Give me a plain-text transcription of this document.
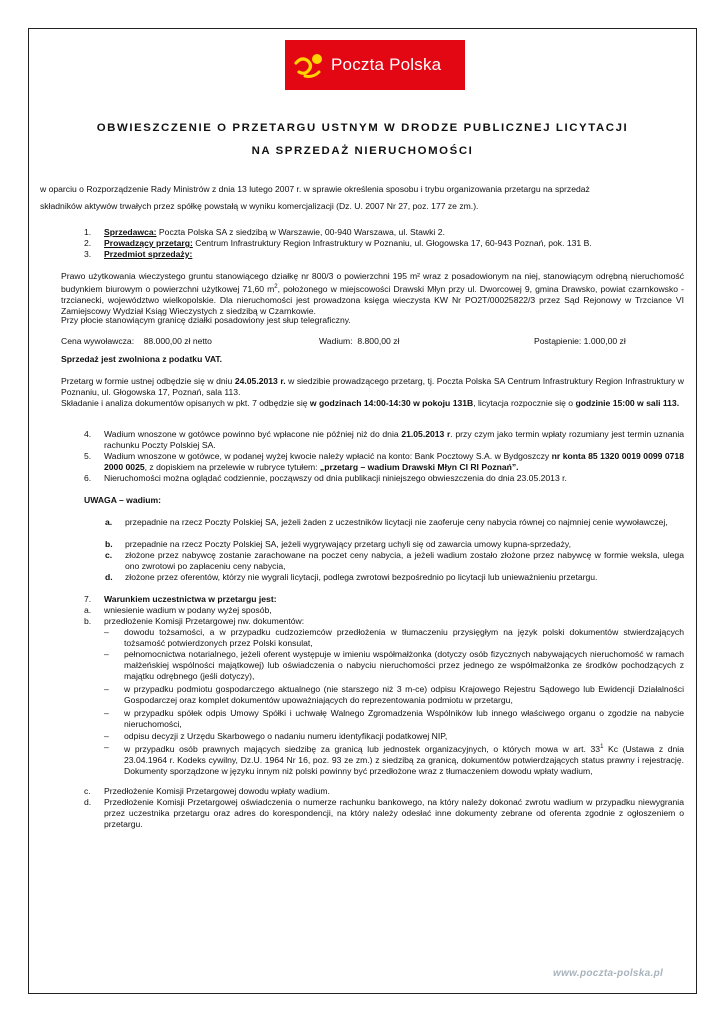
Poczta Polska
OBWIESZCZENIE O PRZETARGU USTNYM W DRODZE PUBLICZNEJ LICYTACJI
NA SPRZEDAŻ NIERUCHOMOŚCI
w oparciu o Rozporządzenie Rady Ministrów z dnia 13 lutego 2007 r. w sprawie określenia sposobu i trybu organizowania przetargu na sprzedaż
składników aktywów trwałych przez spółkę powstałą w wyniku komercjalizacji (Dz. U. 2007 Nr 27, poz. 177 ze zm.).
1.	Sprzedawca: Poczta Polska SA z siedzibą w Warszawie, 00-940 Warszawa, ul. Stawki 2.
2.	Prowadzący przetarg: Centrum Infrastruktury Region Infrastruktury w Poznaniu, ul. Głogowska 17, 60-943 Poznań, pok. 131 B.
3.	Przedmiot sprzedaży:
Prawo użytkowania wieczystego gruntu stanowiącego działkę nr 800/3 o powierzchni 195 m² wraz z posadowionym na niej, stanowiącym odrębną nieruchomość budynkiem biurowym o powierzchni użytkowej 71,60 $m^2$, położonego w miejscowości Drawski Młyn przy ul. Dworcowej 9, gmina Drawsko, powiat czarnkowsko - trzcianecki, województwo wielkopolskie. Dla nieruchomości jest prowadzona księga wieczysta KW Nr PO2T/00025822/3 przez Sąd Rejonowy w Trzciance VI Zamiejscowy Wydział Ksiąg Wieczystych z siedzibą w Czarnkowie.
Przy płocie stanowiącym granicę działki posadowiony jest słup telegraficzny.
Cena wywoławcza:    88.000,00 zł netto	Wadium:  8.800,00 zł	Postąpienie: 1.000,00 zł
Sprzedaż jest zwolniona z podatku VAT.
Przetarg w formie ustnej odbędzie się w dniu 24.05.2013 r. w siedzibie prowadzącego przetarg, tj. Poczta Polska SA Centrum Infrastruktury Region Infrastruktury w Poznaniu, ul. Głogowska 17, Poznań, sala 113.
Składanie i analiza dokumentów opisanych w pkt. 7 odbędzie się w godzinach 14:00-14:30 w pokoju 131B, licytacja rozpocznie się o godzinie 15:00 w sali 113.
4.	Wadium wnoszone w gotówce powinno być wpłacone nie później niż do dnia 21.05.2013 r. przy czym jako termin wpłaty rozumiany jest termin uznania rachunku Poczty Polskiej SA.
5.	Wadium wnoszone w gotówce, w podanej wyżej kwocie należy wpłacić na konto: Bank Pocztowy S.A. w Bydgoszczy nr konta 85 1320 0019 0099 0718 2000 0025, z dopiskiem na przelewie w rubryce tytułem: „przetarg – wadium Drawski Młyn CI RI Poznań”.
6.	Nieruchomości można oglądać codziennie, począwszy od dnia publikacji niniejszego obwieszczenia do dnia 23.05.2013 r.
UWAGA – wadium:
a.	przepadnie na rzecz Poczty Polskiej SA, jeżeli żaden z uczestników licytacji nie zaoferuje ceny nabycia równej co najmniej cenie wywoławczej,
b.	przepadnie na rzecz Poczty Polskiej SA, jeżeli wygrywający przetarg uchyli się od zawarcia umowy kupna-sprzedaży,
c.	złożone przez nabywcę zostanie zarachowane na poczet ceny nabycia, a jeżeli wadium zostało złożone przez nabywcę w formie weksla, ulega ono zwrotowi po zapłaceniu ceny nabycia,
d.	złożone przez oferentów, którzy nie wygrali licytacji, podlega zwrotowi bezpośrednio po licytacji lub unieważnieniu przetargu.
7.	Warunkiem uczestnictwa w przetargu jest:
a.	wniesienie wadium w podany wyżej sposób,
b.	przedłożenie Komisji Przetargowej nw. dokumentów:
–	dowodu tożsamości, a w przypadku cudzoziemców przedłożenia w tłumaczeniu przysięgłym na język polski dokumentów stwierdzających tożsamość potwierdzonych przez Polski konsulat,
–	pełnomocnictwa notarialnego, jeżeli oferent występuje w imieniu współmałżonka (dotyczy osób fizycznych nabywających nieruchomość w ramach małżeńskiej wspólności majątkowej) lub oświadczenia o nabyciu nieruchomości przez jednego ze współmałżonka ze środków pochodzących z majątku odrębnego (jeśli dotyczy),
–	w przypadku podmiotu gospodarczego aktualnego (nie starszego niż 3 m-ce) odpisu Krajowego Rejestru Sądowego lub Ewidencji Działalności Gospodarczej oraz komplet dokumentów upoważniających do reprezentowania podmiotu w przetargu,
–	w przypadku spółek odpis Umowy Spółki i uchwałę Walnego Zgromadzenia Wspólników lub innego właściwego organu o zgodzie na nabycie nieruchomości,
–	odpisu decyzji z Urzędu Skarbowego o nadaniu numeru identyfikacji podatkowej NIP,
–	w przypadku osób prawnych mających siedzibę za granicą lub jednostek organizacyjnych, o których mowa w art. $33^1$ Kc (Ustawa z dnia 23.04.1964 r. Kodeks cywilny, Dz.U. 1964 Nr 16, poz. 93 ze zm.) z siedzibą za granicą, dokumentów potwierdzających status prawny i rejestrację. Dokumenty sporządzone w języku innym niż polski powinny być przedłożone wraz z tłumaczeniem dowodu wpłaty wadium,
c.	Przedłożenie Komisji Przetargowej dowodu wpłaty wadium.
d.	Przedłożenie Komisji Przetargowej oświadczenia o numerze rachunku bankowego, na który należy dokonać zwrotu wadium w przypadku niewygrania przez uczestnika przetargu oraz adres do korespondencji, na który należy odesłać inne dokumenty zebrane od oferenta zgodnie z ogłoszeniem o przetargu.
www.poczta-polska.pl
